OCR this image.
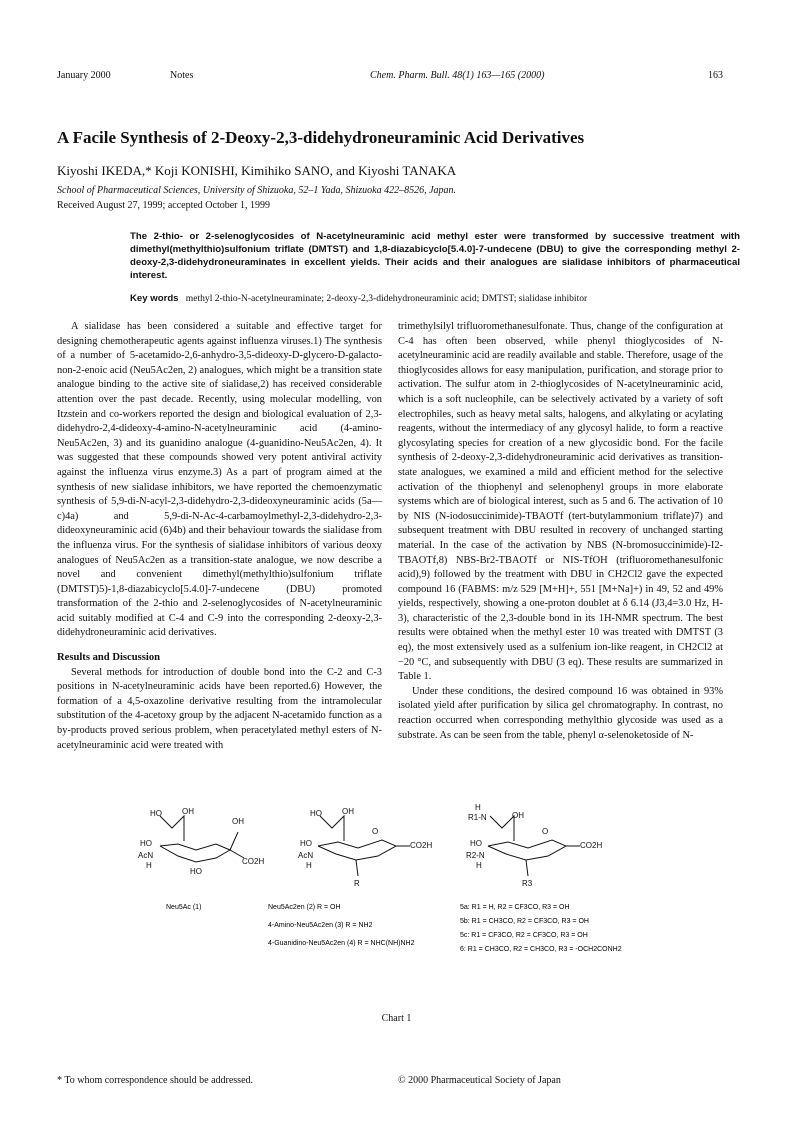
January 2000	Notes	Chem. Pharm. Bull. 48(1) 163—165 (2000)	163
A Facile Synthesis of 2-Deoxy-2,3-didehydroneuraminic Acid Derivatives
Kiyoshi IKEDA,* Koji KONISHI, Kimihiko SANO, and Kiyoshi TANAKA
School of Pharmaceutical Sciences, University of Shizuoka, 52–1 Yada, Shizuoka 422–8526, Japan.
Received August 27, 1999; accepted October 1, 1999
The 2-thio- or 2-selenoglycosides of N-acetylneuraminic acid methyl ester were transformed by successive treatment with dimethyl(methylthio)sulfonium triflate (DMTST) and 1,8-diazabicyclo[5.4.0]-7-undecene (DBU) to give the corresponding methyl 2-deoxy-2,3-didehydroneuraminates in excellent yields. Their acids and their analogues are sialidase inhibitors of pharmaceutical interest.
Key words methyl 2-thio-N-acetylneuraminate; 2-deoxy-2,3-didehydroneuraminic acid; DMTST; sialidase inhibitor

A sialidase has been considered a suitable and effective target for designing chemotherapeutic agents against influenza viruses.1) The synthesis of a number of 5-acetamido-2,6-anhydro-3,5-dideoxy-D-glycero-D-galacto-non-2-enoic acid (Neu5Ac2en, 2) analogues, which might be a transition state analogue binding to the active site of sialidase,2) has received considerable attention over the past decade. Recently, using molecular modelling, von Itzstein and co-workers reported the design and biological evaluation of 2,3-didehydro-2,4-dideoxy-4-amino-N-acetylneuraminic acid (4-amino-Neu5Ac2en, 3) and its guanidino analogue (4-guanidino-Neu5Ac2en, 4). It was suggested that these compounds showed very potent antiviral activity against the influenza virus enzyme.3) As a part of program aimed at the synthesis of new sialidase inhibitors, we have reported the chemoenzymatic synthesis of 5,9-di-N-acyl-2,3-didehydro-2,3-dideoxyneuraminic acids (5a—c)4a) and 5,9-di-N-Ac-4-carbamoylmethyl-2,3-didehydro-2,3-dideoxyneuraminic acid (6)4b) and their behaviour towards the sialidase from the influenza virus. For the synthesis of sialidase inhibitors of various deoxy analogues of Neu5Ac2en as a transition-state analogue, we now describe a novel and convenient dimethyl(methylthio)sulfonium triflate (DMTST)5)-1,8-diazabicyclo[5.4.0]-7-undecene (DBU) promoted transformation of the 2-thio and 2-selenoglycosides of N-acetylneuraminic acid suitably modified at C-4 and C-9 into the corresponding 2-deoxy-2,3-didehydroneuraminic acid derivatives.

Results and Discussion

Several methods for introduction of double bond into the C-2 and C-3 positions in N-acetylneuraminic acids have been reported.6) However, the formation of a 4,5-oxazoline derivative resulting from the intramolecular substitution of the 4-acetoxy group by the adjacent N-acetamido function as a by-products proved serious problem, when peracetylated methyl esters of N-acetylneuraminic acid were treated with

trimethylsilyl trifluoromethanesulfonate. Thus, change of the configuration at C-4 has often been observed, while phenyl thioglycosides of N-acetylneuraminic acid are readily available and stable. Therefore, usage of the thioglycosides allows for easy manipulation, purification, and storage prior to activation. The sulfur atom in 2-thioglycosides of N-acetylneuraminic acid, which is a soft nucleophile, can be selectively activated by a variety of soft electrophiles, such as heavy metal salts, halogens, and alkylating or acylating reagents, without the intermediacy of any glycosyl halide, to form a reactive glycosylating species for creation of a new glycosidic bond. For the facile synthesis of 2-deoxy-2,3-didehydroneuraminic acid derivatives as transition-state analogues, we examined a mild and efficient method for the selective activation of the thiophenyl and selenophenyl groups in more elaborate systems which are of biological interest, such as 5 and 6. The activation of 10 by NIS (N-iodosuccinimide)-TBAOTf (tert-butylammonium triflate)7) and subsequent treatment with DBU resulted in recovery of unchanged starting material. In the case of the activation by NBS (N-bromosuccinimide)-I2-TBAOTf,8) NBS-Br2-TBAOTf or NIS-TfOH (trifluoromethanesulfonic acid),9) followed by the treatment with DBU in CH2Cl2 gave the expected compound 16 (FABMS: m/z 529 [M+H]+, 551 [M+Na]+) in 49, 52 and 49% yields, respectively, showing a one-proton doublet at δ 6.14 (J3,4=3.0 Hz, H-3), characteristic of the 2,3-double bond in its 1H-NMR spectrum. The best results were obtained when the methyl ester 10 was treated with DMTST (3 eq), the most extensively used as a sulfenium ion-like reagent, in CH2Cl2 at −20 °C, and subsequently with DBU (3 eq). These results are summarized in Table 1.

Under these conditions, the desired compound 16 was obtained in 93% isolated yield after purification by silica gel chromatography. In contrast, no reaction occurred when corresponding methylthio glycoside was used as a substrate. As can be seen from the table, phenyl α-selenoketoside of N-

HO	OH
OH
HO
AcN
CO2H
H
HO
HO	OH
HO
AcN
CO2H
H
R
O
H
R1-N	OH
HO
R2-N
CO2H
H
R3
O
Neu5Ac (1)	Neu5Ac2en (2) R = OH
4-Amino-Neu5Ac2en (3) R = NH2
4-Guanidino-Neu5Ac2en (4) R = NHC(NH)NH2
5a: R1 = H, R2 = CF3CO, R3 = OH
5b: R1 = CH3CO, R2 = CF3CO, R3 = OH
5c: R1 = CF3CO, R2 = CF3CO, R3 = OH
6: R1 = CH3CO, R2 = CH3CO, R3 = -OCH2CONH2
Chart 1
* To whom correspondence should be addressed.	© 2000 Pharmaceutical Society of Japan
